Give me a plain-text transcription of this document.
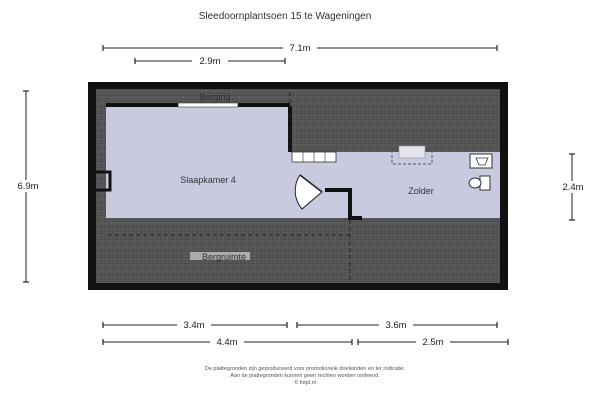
Sleedoornplantsoen 15 te Wageningen
Berging
Slaapkamer 4
Zolder
Bergruimte
7.1m
2.9m
6.9m	2.4m
3.4m	3.6m
4.4m	2.5m
De plattegronden zijn geproduceerd voor promotionele doeleinden en ter indicatie.
Aan de plattegronden kunnen geen rechten worden ontleend.
© fotpl.nl
